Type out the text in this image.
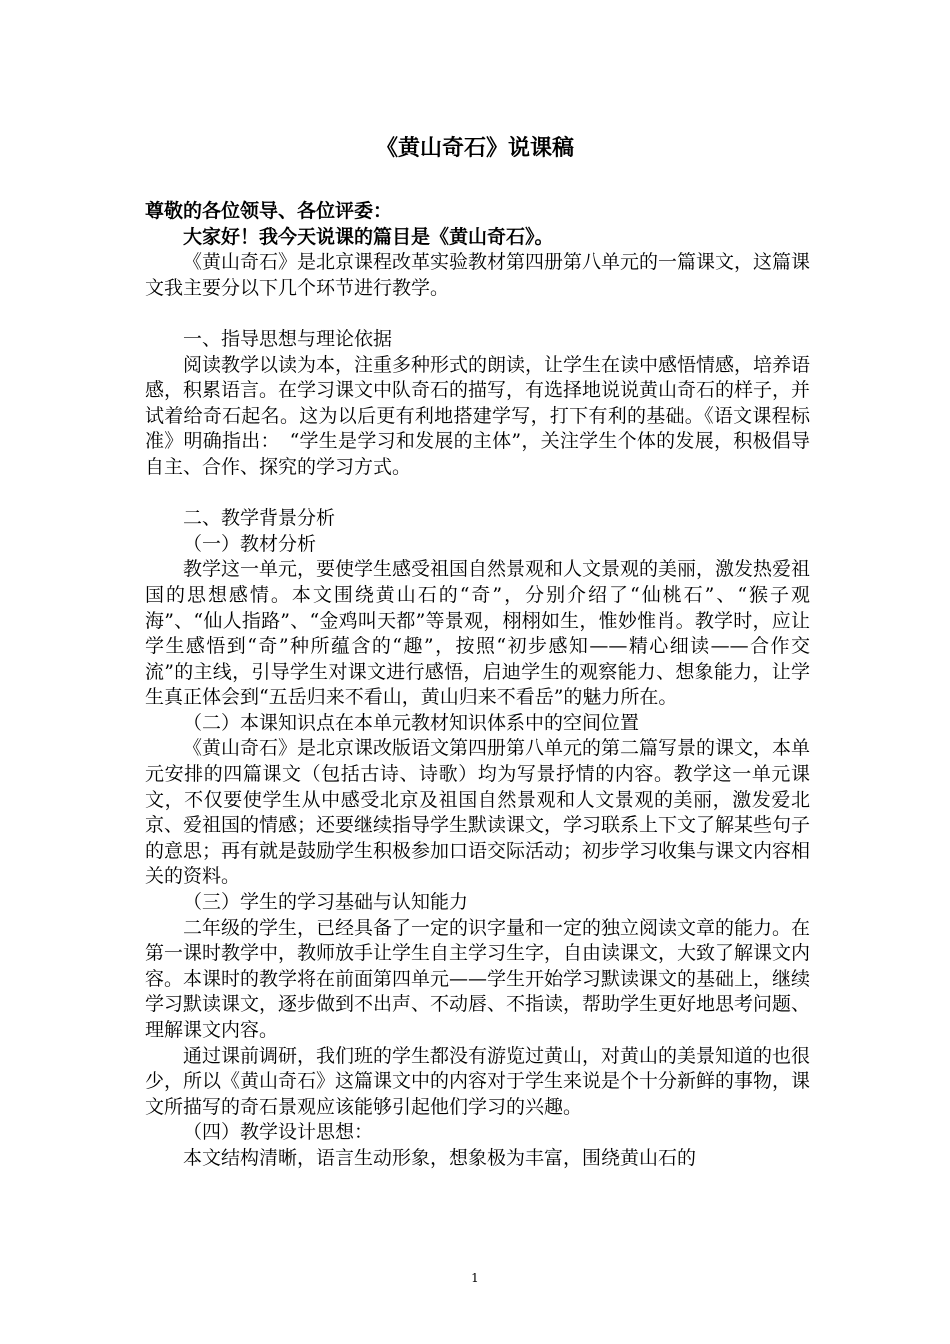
《黄山奇石》说课稿

尊敬的各位领导、各位评委：

大家好！我今天说课的篇目是《黄山奇石》。

《黄山奇石》是北京课程改革实验教材第四册第八单元的一篇课文，这篇课文我主要分以下几个环节进行教学。

一、指导思想与理论依据

阅读教学以读为本，注重多种形式的朗读，让学生在读中感悟情感，培养语感，积累语言。在学习课文中队奇石的描写，有选择地说说黄山奇石的样子，并试着给奇石起名。这为以后更有利地搭建学写，打下有利的基础。《语文课程标准》明确指出：　“学生是学习和发展的主体”，关注学生个体的发展，积极倡导自主、合作、探究的学习方式。

二、教学背景分析

（一）教材分析

教学这一单元，要使学生感受祖国自然景观和人文景观的美丽，激发热爱祖国的思想感情。本文围绕黄山石的“奇”，分别介绍了“仙桃石”、“猴子观海”、“仙人指路”、“金鸡叫天都”等景观，栩栩如生，惟妙惟肖。教学时，应让学生感悟到“奇”种所蕴含的“趣”，按照“初步感知——精心细读——合作交流”的主线，引导学生对课文进行感悟，启迪学生的观察能力、想象能力，让学生真正体会到“五岳归来不看山，黄山归来不看岳”的魅力所在。

（二）本课知识点在本单元教材知识体系中的空间位置

《黄山奇石》是北京课改版语文第四册第八单元的第二篇写景的课文，本单元安排的四篇课文（包括古诗、诗歌）均为写景抒情的内容。教学这一单元课文，不仅要使学生从中感受北京及祖国自然景观和人文景观的美丽，激发爱北京、爱祖国的情感；还要继续指导学生默读课文，学习联系上下文了解某些句子的意思；再有就是鼓励学生积极参加口语交际活动；初步学习收集与课文内容相关的资料。

（三）学生的学习基础与认知能力

二年级的学生，已经具备了一定的识字量和一定的独立阅读文章的能力。在第一课时教学中，教师放手让学生自主学习生字，自由读课文，大致了解课文内容。本课时的教学将在前面第四单元——学生开始学习默读课文的基础上，继续学习默读课文，逐步做到不出声、不动唇、不指读，帮助学生更好地思考问题、理解课文内容。

通过课前调研，我们班的学生都没有游览过黄山，对黄山的美景知道的也很少，所以《黄山奇石》这篇课文中的内容对于学生来说是个十分新鲜的事物，课文所描写的奇石景观应该能够引起他们学习的兴趣。

（四）教学设计思想：

本文结构清晰，语言生动形象，想象极为丰富，围绕黄山石的

1
